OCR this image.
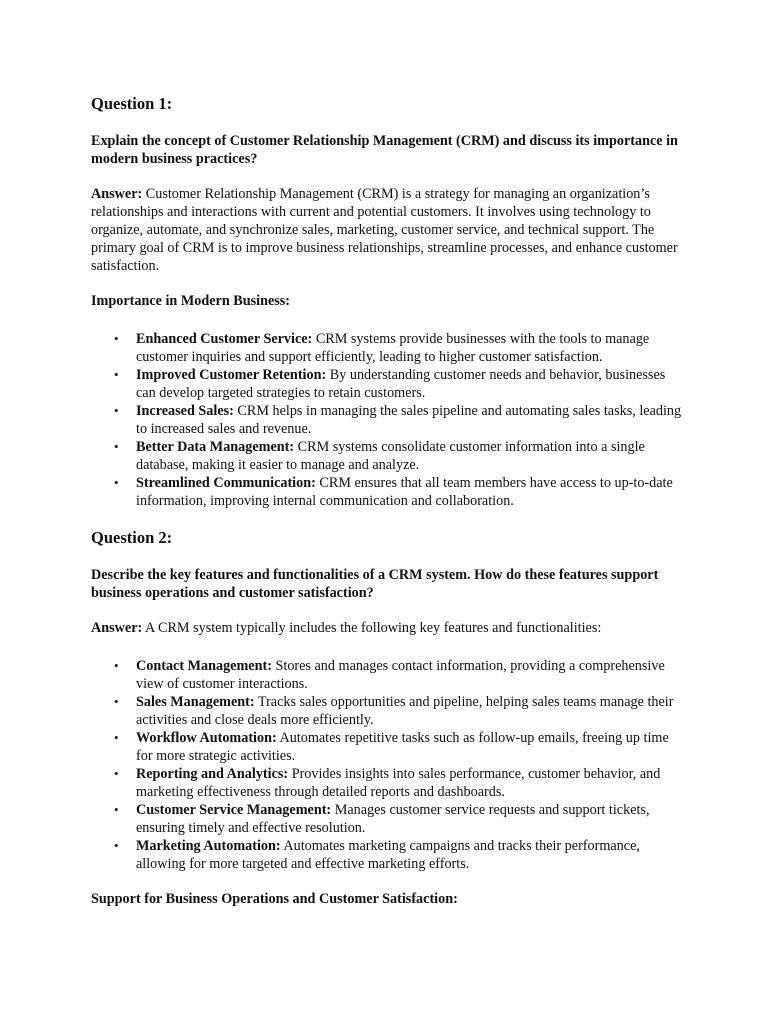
Question 1:

Explain the concept of Customer Relationship Management (CRM) and discuss its importance in modern business practices?

Answer: Customer Relationship Management (CRM) is a strategy for managing an organization’s relationships and interactions with current and potential customers. It involves using technology to organize, automate, and synchronize sales, marketing, customer service, and technical support. The primary goal of CRM is to improve business relationships, streamline processes, and enhance customer satisfaction.

Importance in Modern Business:

• Enhanced Customer Service: CRM systems provide businesses with the tools to manage customer inquiries and support efficiently, leading to higher customer satisfaction.
• Improved Customer Retention: By understanding customer needs and behavior, businesses can develop targeted strategies to retain customers.
• Increased Sales: CRM helps in managing the sales pipeline and automating sales tasks, leading to increased sales and revenue.
• Better Data Management: CRM systems consolidate customer information into a single database, making it easier to manage and analyze.
• Streamlined Communication: CRM ensures that all team members have access to up-to-date information, improving internal communication and collaboration.

Question 2:

Describe the key features and functionalities of a CRM system. How do these features support business operations and customer satisfaction?

Answer: A CRM system typically includes the following key features and functionalities:

• Contact Management: Stores and manages contact information, providing a comprehensive view of customer interactions.
• Sales Management: Tracks sales opportunities and pipeline, helping sales teams manage their activities and close deals more efficiently.
• Workflow Automation: Automates repetitive tasks such as follow-up emails, freeing up time for more strategic activities.
• Reporting and Analytics: Provides insights into sales performance, customer behavior, and marketing effectiveness through detailed reports and dashboards.
• Customer Service Management: Manages customer service requests and support tickets, ensuring timely and effective resolution.
• Marketing Automation: Automates marketing campaigns and tracks their performance, allowing for more targeted and effective marketing efforts.

Support for Business Operations and Customer Satisfaction:
